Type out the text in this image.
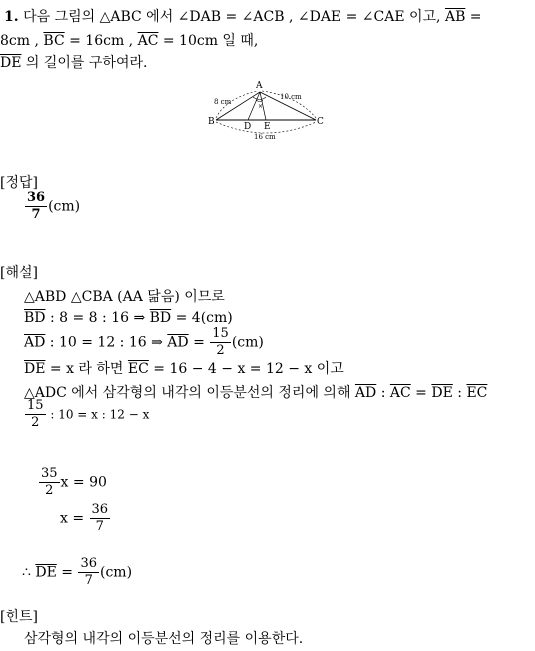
1. 다음 그림의 △ABC 에서 ∠DAB = ∠ACB , ∠DAE = ∠CAE 이고, $\overline{AB}$ =
8cm , $\overline{BC} = 16cm$ , $\overline{AC} = 10cm$ 일 때,
$\overline{DE}$ 의 길이를 구하여라.
×
A
B	C
D E
8 cm
10 cm
16 cm
[정답]
$\frac{36}{7} (cm)$
[해설]
△ABD △CBA (AA 닮음) 이므로
$\overline{BD}$ : 8 = 8 : 16 ⇒ $\overline{BD} = 4(cm)$
$\overline{AD}$ : 10 = 12 : 16 ⇒ $\overline{AD} = \frac{15}{2} (cm)$
$\overline{DE} = x$ 라 하면 $\overline{EC} = 16 - 4 - x = 12 - x$ 이고
△ADC 에서 삼각형의 내각의 이등분선의 정리에 의해 $\overline{AD}$ : $\overline{AC} = \overline{DE}$ : $\overline{EC}$
$\frac{15}{2}$ : 10 = x : 12 − x
$\frac{35}{2}$ x = 90
$x = \frac{36}{7}$
∴ $\overline{DE} = \frac{36}{7} (cm)$
[힌트]
삼각형의 내각의 이등분선의 정리를 이용한다.
